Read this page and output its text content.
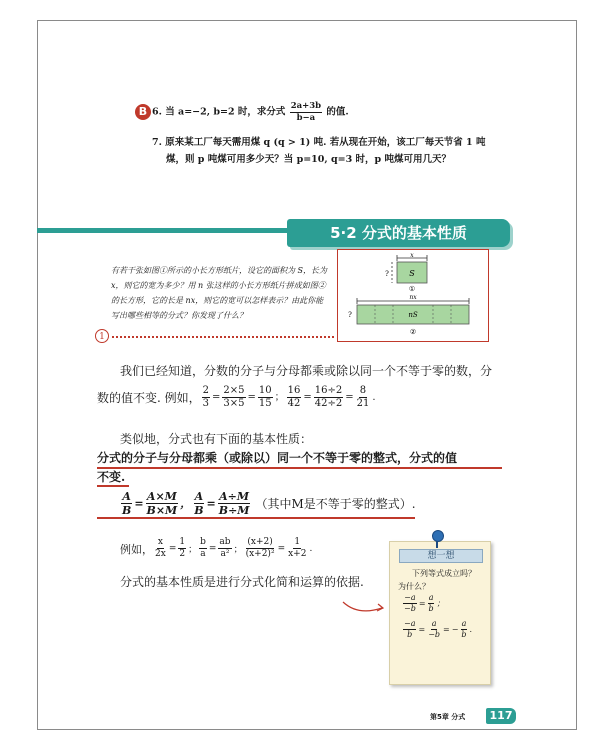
B 6. 当 a=−2, b=2 时，求分式 $\frac{2a+3b}{b-a}$ 的值.
7. 原来某工厂每天需用煤 q (q > 1) 吨. 若从现在开始，该工厂每天节省 1 吨
煤，则 p 吨煤可用多少天？当 p=10, q=3 时，p 吨煤可用几天？
5·2 分式的基本性质
有若干张如图①所示的小长方形纸片，设它的面积为 S，长为 x，则它的宽为多少？用 n 张这样的小长方形纸片拼成如图②的长方形，它的长是 nx，则它的宽可以怎样表示？由此你能写出哪些相等的分式？你发现了什么？
1
x
S
?
①
nx
nS
?
②
我们已经知道，分数的分子与分母都乘或除以同一个不等于零的数，分
数的值不变. 例如， $\frac{2}{3} = \frac{2\times 5}{3\times 5} = \frac{10}{15}$ ； $\frac{16}{42} = \frac{16\div 2}{42\div 2} = \frac{8}{21}$ .
类似地，分式也有下面的基本性质：
分式的分子与分母都乘（或除以）同一个不等于零的整式，分式的值
不变.
$\frac{A}{B} = \frac{A\times M}{B\times M}$ ， $\frac{A}{B} = \frac{A\div M}{B\div M}$ （其中M是不等于零的整式）.
例如， $\frac{x}{2x} = \frac{1}{2}$ ； $\frac{b}{a} = \frac{ab}{\text{a²}}$ ； $\frac{(x+2)}{\text{(x+2)²}} = \frac{1}{x+2}$ .
分式的基本性质是进行分式化简和运算的依据.
想一想
下列等式成立吗？
为什么？
$\frac{-a}{-b} = \frac{a}{b}$ ；
$\frac{-a}{b} = \frac{a}{-b}$ = − $\frac{a}{b}$ .
第5章 分式	117
